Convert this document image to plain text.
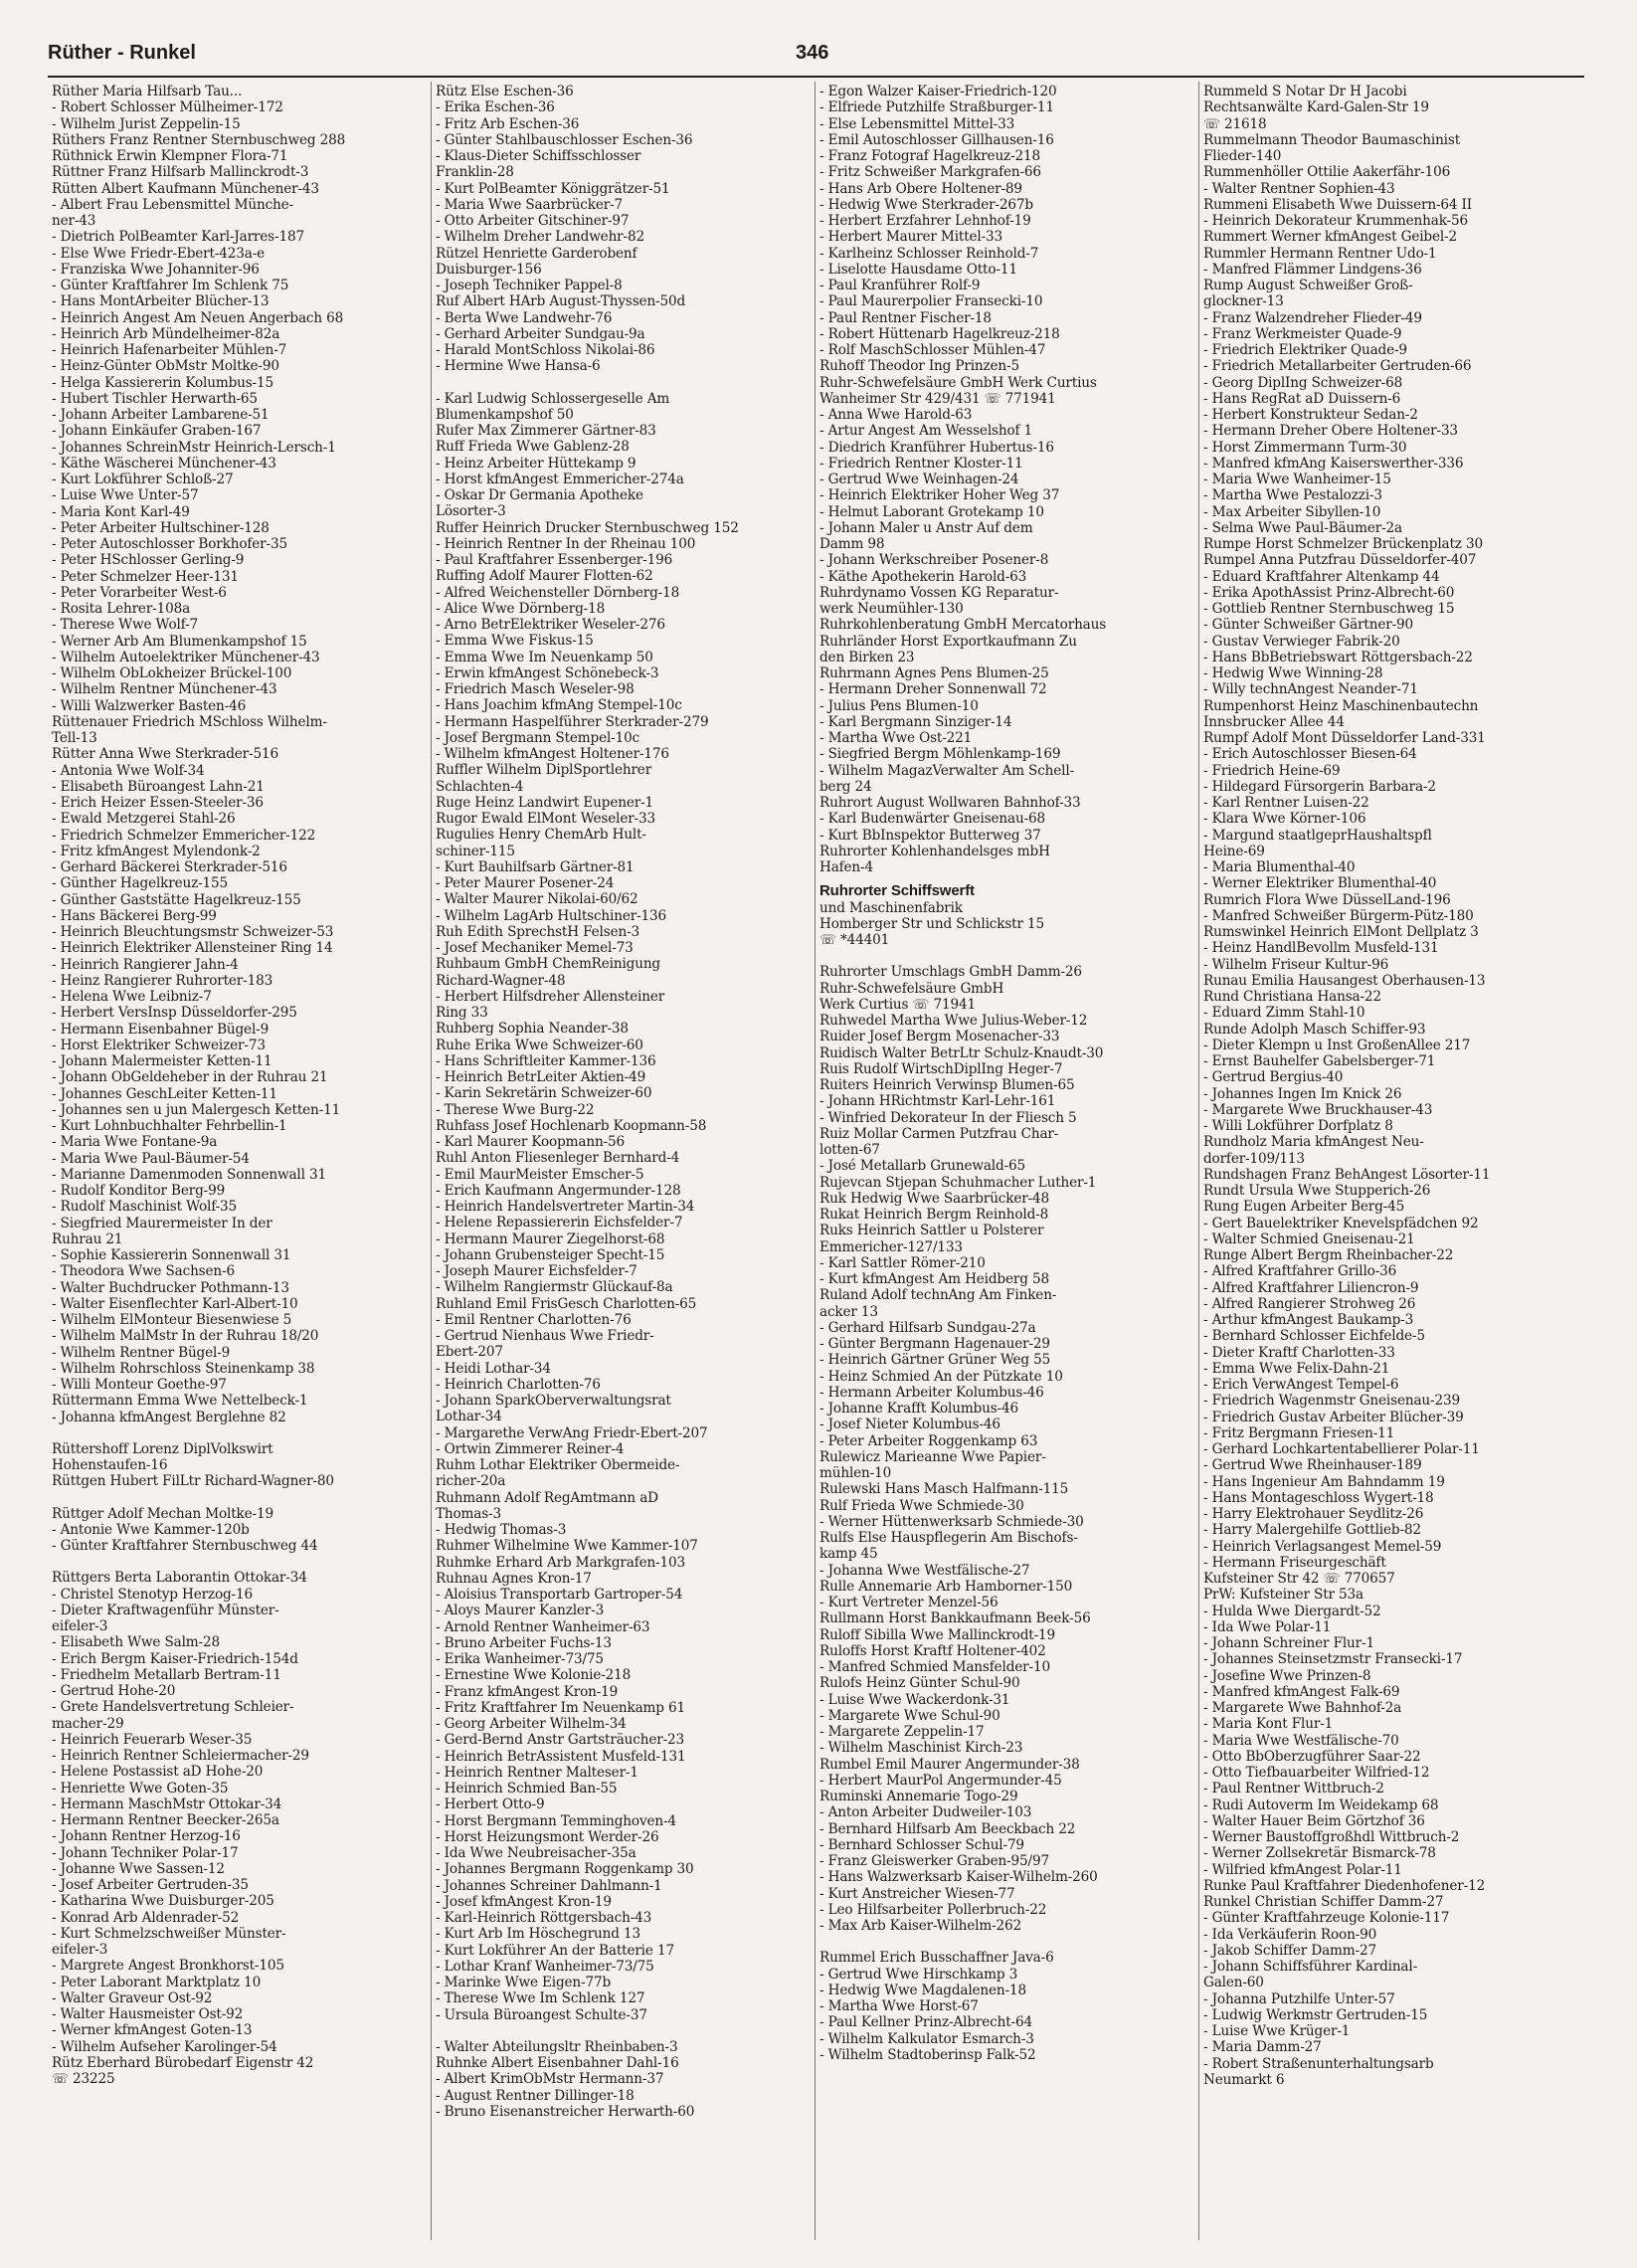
Rüther - Runkel	346
Rüther Maria Hilfsarb Tau...
- Robert Schlosser Mülheimer-172
- Wilhelm Jurist Zeppelin-15
Rüthers Franz Rentner Sternbuschweg 288
Rüthnick Erwin Klempner Flora-71
Rüttner Franz Hilfsarb Mallinckrodt-3
Rütten Albert Kaufmann Münchener-43
- Albert Frau Lebensmittel Münche-
ner-43
- Dietrich PolBeamter Karl-Jarres-187
- Else Wwe Friedr-Ebert-423a-e
- Franziska Wwe Johanniter-96
- Günter Kraftfahrer Im Schlenk 75
- Hans MontArbeiter Blücher-13
- Heinrich Angest Am Neuen Angerbach 68
- Heinrich Arb Mündelheimer-82a
- Heinrich Hafenarbeiter Mühlen-7
- Heinz-Günter ObMstr Moltke-90
- Helga Kassiererin Kolumbus-15
- Hubert Tischler Herwarth-65
- Johann Arbeiter Lambarene-51
- Johann Einkäufer Graben-167
- Johannes SchreinMstr Heinrich-Lersch-1
- Käthe Wäscherei Münchener-43
- Kurt Lokführer Schloß-27
- Luise Wwe Unter-57
- Maria Kont Karl-49
- Peter Arbeiter Hultschiner-128
- Peter Autoschlosser Borkhofer-35
- Peter HSchlosser Gerling-9
- Peter Schmelzer Heer-131
- Peter Vorarbeiter West-6
- Rosita Lehrer-108a
- Therese Wwe Wolf-7
- Werner Arb Am Blumenkampshof 15
- Wilhelm Autoelektriker Münchener-43
- Wilhelm ObLokheizer Brückel-100
- Wilhelm Rentner Münchener-43
- Willi Walzwerker Basten-46
Rüttenauer Friedrich MSchloss Wilhelm-
Tell-13
Rütter Anna Wwe Sterkrader-516
- Antonia Wwe Wolf-34
- Elisabeth Büroangest Lahn-21
- Erich Heizer Essen-Steeler-36
- Ewald Metzgerei Stahl-26
- Friedrich Schmelzer Emmericher-122
- Fritz kfmAngest Mylendonk-2
- Gerhard Bäckerei Sterkrader-516
- Günther Hagelkreuz-155
- Günther Gaststätte Hagelkreuz-155
- Hans Bäckerei Berg-99
- Heinrich Bleuchtungsmstr Schweizer-53
- Heinrich Elektriker Allensteiner Ring 14
- Heinrich Rangierer Jahn-4
- Heinz Rangierer Ruhrorter-183
- Helena Wwe Leibniz-7
- Herbert VersInsp Düsseldorfer-295
- Hermann Eisenbahner Bügel-9
- Horst Elektriker Schweizer-73
- Johann Malermeister Ketten-11
- Johann ObGeldeheber in der Ruhrau 21
- Johannes GeschLeiter Ketten-11
- Johannes sen u jun Malergesch Ketten-11
- Kurt Lohnbuchhalter Fehrbellin-1
- Maria Wwe Fontane-9a
- Maria Wwe Paul-Bäumer-54
- Marianne Damenmoden Sonnenwall 31
- Rudolf Konditor Berg-99
- Rudolf Maschinist Wolf-35
- Siegfried Maurermeister In der
Ruhrau 21
- Sophie Kassiererin Sonnenwall 31
- Theodora Wwe Sachsen-6
- Walter Buchdrucker Pothmann-13
- Walter Eisenflechter Karl-Albert-10
- Wilhelm ElMonteur Biesenwiese 5
- Wilhelm MalMstr In der Ruhrau 18/20
- Wilhelm Rentner Bügel-9
- Wilhelm Rohrschloss Steinenkamp 38
- Willi Monteur Goethe-97
Rüttermann Emma Wwe Nettelbeck-1
- Johanna kfmAngest Berglehne 82
Rüttershoff Lorenz DiplVolkswirt
Hohenstaufen-16
Rüttgen Hubert FilLtr Richard-Wagner-80
Rüttger Adolf Mechan Moltke-19
- Antonie Wwe Kammer-120b
- Günter Kraftfahrer Sternbuschweg 44
Rüttgers Berta Laborantin Ottokar-34
- Christel Stenotyp Herzog-16
- Dieter Kraftwagenführ Münster-
eifeler-3
- Elisabeth Wwe Salm-28
- Erich Bergm Kaiser-Friedrich-154d
- Friedhelm Metallarb Bertram-11
- Gertrud Hohe-20
- Grete Handelsvertretung Schleier-
macher-29
- Heinrich Feuerarb Weser-35
- Heinrich Rentner Schleiermacher-29
- Helene Postassist aD Hohe-20
- Henriette Wwe Goten-35
- Hermann MaschMstr Ottokar-34
- Hermann Rentner Beecker-265a
- Johann Rentner Herzog-16
- Johann Techniker Polar-17
- Johanne Wwe Sassen-12
- Josef Arbeiter Gertruden-35
- Katharina Wwe Duisburger-205
- Konrad Arb Aldenrader-52
- Kurt Schmelzschweißer Münster-
eifeler-3
- Margrete Angest Bronkhorst-105
- Peter Laborant Marktplatz 10
- Walter Graveur Ost-92
- Walter Hausmeister Ost-92
- Werner kfmAngest Goten-13
- Wilhelm Aufseher Karolinger-54
Rütz Eberhard Bürobedarf Eigenstr 42
☏ 23225
Rütz Else Eschen-36
- Erika Eschen-36
- Fritz Arb Eschen-36
- Günter Stahlbauschlosser Eschen-36
- Klaus-Dieter Schiffsschlosser
Franklin-28
- Kurt PolBeamter Königgrätzer-51
- Maria Wwe Saarbrücker-7
- Otto Arbeiter Gitschiner-97
- Wilhelm Dreher Landwehr-82
Rützel Henriette Garderobenf
Duisburger-156
- Joseph Techniker Pappel-8
Ruf Albert HArb August-Thyssen-50d
- Berta Wwe Landwehr-76
- Gerhard Arbeiter Sundgau-9a
- Harald MontSchloss Nikolai-86
- Hermine Wwe Hansa-6
- Karl Ludwig Schlossergeselle Am
Blumenkampshof 50
Rufer Max Zimmerer Gärtner-83
Ruff Frieda Wwe Gablenz-28
- Heinz Arbeiter Hüttekamp 9
- Horst kfmAngest Emmericher-274a
- Oskar Dr Germania Apotheke
Lösorter-3
Ruffer Heinrich Drucker Sternbuschweg 152
- Heinrich Rentner In der Rheinau 100
- Paul Kraftfahrer Essenberger-196
Ruffing Adolf Maurer Flotten-62
- Alfred Weichensteller Dörnberg-18
- Alice Wwe Dörnberg-18
- Arno BetrElektriker Weseler-276
- Emma Wwe Fiskus-15
- Emma Wwe Im Neuenkamp 50
- Erwin kfmAngest Schönebeck-3
- Friedrich Masch Weseler-98
- Hans Joachim kfmAng Stempel-10c
- Hermann Haspelführer Sterkrader-279
- Josef Bergmann Stempel-10c
- Wilhelm kfmAngest Holtener-176
Ruffler Wilhelm DiplSportlehrer
Schlachten-4
Ruge Heinz Landwirt Eupener-1
Rugor Ewald ElMont Weseler-33
Rugulies Henry ChemArb Hult-
schiner-115
- Kurt Bauhilfsarb Gärtner-81
- Peter Maurer Posener-24
- Walter Maurer Nikolai-60/62
- Wilhelm LagArb Hultschiner-136
Ruh Edith SprechstH Felsen-3
- Josef Mechaniker Memel-73
Ruhbaum GmbH ChemReinigung
Richard-Wagner-48
- Herbert Hilfsdreher Allensteiner
Ring 33
Ruhberg Sophia Neander-38
Ruhe Erika Wwe Schweizer-60
- Hans Schriftleiter Kammer-136
- Heinrich BetrLeiter Aktien-49
- Karin Sekretärin Schweizer-60
- Therese Wwe Burg-22
Ruhfass Josef Hochlenarb Koopmann-58
- Karl Maurer Koopmann-56
Ruhl Anton Fliesenleger Bernhard-4
- Emil MaurMeister Emscher-5
- Erich Kaufmann Angermunder-128
- Heinrich Handelsvertreter Martin-34
- Helene Repassiererin Eichsfelder-7
- Hermann Maurer Ziegelhorst-68
- Johann Grubensteiger Specht-15
- Joseph Maurer Eichsfelder-7
- Wilhelm Rangiermstr Glückauf-8a
Ruhland Emil FrisGesch Charlotten-65
- Emil Rentner Charlotten-76
- Gertrud Nienhaus Wwe Friedr-
Ebert-207
- Heidi Lothar-34
- Heinrich Charlotten-76
- Johann SparkOberverwaltungsrat
Lothar-34
- Margarethe VerwAng Friedr-Ebert-207
- Ortwin Zimmerer Reiner-4
Ruhm Lothar Elektriker Obermeide-
richer-20a
Ruhmann Adolf RegAmtmann aD
Thomas-3
- Hedwig Thomas-3
Ruhmer Wilhelmine Wwe Kammer-107
Ruhmke Erhard Arb Markgrafen-103
Ruhnau Agnes Kron-17
- Aloisius Transportarb Gartroper-54
- Aloys Maurer Kanzler-3
- Arnold Rentner Wanheimer-63
- Bruno Arbeiter Fuchs-13
- Erika Wanheimer-73/75
- Ernestine Wwe Kolonie-218
- Franz kfmAngest Kron-19
- Fritz Kraftfahrer Im Neuenkamp 61
- Georg Arbeiter Wilhelm-34
- Gerd-Bernd Anstr Gartsträucher-23
- Heinrich BetrAssistent Musfeld-131
- Heinrich Rentner Malteser-1
- Heinrich Schmied Ban-55
- Herbert Otto-9
- Horst Bergmann Temminghoven-4
- Horst Heizungsmont Werder-26
- Ida Wwe Neubreisacher-35a
- Johannes Bergmann Roggenkamp 30
- Johannes Schreiner Dahlmann-1
- Josef kfmAngest Kron-19
- Karl-Heinrich Röttgersbach-43
- Kurt Arb Im Höschegrund 13
- Kurt Lokführer An der Batterie 17
- Lothar Kranf Wanheimer-73/75
- Marinke Wwe Eigen-77b
- Therese Wwe Im Schlenk 127
- Ursula Büroangest Schulte-37
- Walter Abteilungsltr Rheinbaben-3
Ruhnke Albert Eisenbahner Dahl-16
- Albert KrimObMstr Hermann-37
- August Rentner Dillinger-18
- Bruno Eisenanstreicher Herwarth-60
- Egon Walzer Kaiser-Friedrich-120
- Elfriede Putzhilfe Straßburger-11
- Else Lebensmittel Mittel-33
- Emil Autoschlosser Gillhausen-16
- Franz Fotograf Hagelkreuz-218
- Fritz Schweißer Markgrafen-66
- Hans Arb Obere Holtener-89
- Hedwig Wwe Sterkrader-267b
- Herbert Erzfahrer Lehnhof-19
- Herbert Maurer Mittel-33
- Karlheinz Schlosser Reinhold-7
- Liselotte Hausdame Otto-11
- Paul Kranführer Rolf-9
- Paul Maurerpolier Fransecki-10
- Paul Rentner Fischer-18
- Robert Hüttenarb Hagelkreuz-218
- Rolf MaschSchlosser Mühlen-47
Ruhoff Theodor Ing Prinzen-5
Ruhr-Schwefelsäure GmbH Werk Curtius
Wanheimer Str 429/431 ☏ 771941
- Anna Wwe Harold-63
- Artur Angest Am Wesselshof 1
- Diedrich Kranführer Hubertus-16
- Friedrich Rentner Kloster-11
- Gertrud Wwe Weinhagen-24
- Heinrich Elektriker Hoher Weg 37
- Helmut Laborant Grotekamp 10
- Johann Maler u Anstr Auf dem
Damm 98
- Johann Werkschreiber Posener-8
- Käthe Apothekerin Harold-63
Ruhrdynamo Vossen KG Reparatur-
werk Neumühler-130
Ruhrkohlenberatung GmbH Mercatorhaus
Ruhrländer Horst Exportkaufmann Zu
den Birken 23
Ruhrmann Agnes Pens Blumen-25
- Hermann Dreher Sonnenwall 72
- Julius Pens Blumen-10
- Karl Bergmann Sinziger-14
- Martha Wwe Ost-221
- Siegfried Bergm Möhlenkamp-169
- Wilhelm MagazVerwalter Am Schell-
berg 24
Ruhrort August Wollwaren Bahnhof-33
- Karl Budenwärter Gneisenau-68
- Kurt BbInspektor Butterweg 37
Ruhrorter Kohlenhandelsges mbH
Hafen-4
Ruhrorter Schiffswerft
und Maschinenfabrik
Homberger Str und Schlickstr 15
☏ *44401
Ruhrorter Umschlags GmbH Damm-26
Ruhr-Schwefelsäure GmbH
Werk Curtius ☏ 71941
Ruhwedel Martha Wwe Julius-Weber-12
Ruider Josef Bergm Mosenacher-33
Ruidisch Walter BetrLtr Schulz-Knaudt-30
Ruis Rudolf WirtschDiplIng Heger-7
Ruiters Heinrich Verwinsp Blumen-65
- Johann HRichtmstr Karl-Lehr-161
- Winfried Dekorateur In der Fliesch 5
Ruiz Mollar Carmen Putzfrau Char-
lotten-67
- José Metallarb Grunewald-65
Rujevcan Stjepan Schuhmacher Luther-1
Ruk Hedwig Wwe Saarbrücker-48
Rukat Heinrich Bergm Reinhold-8
Ruks Heinrich Sattler u Polsterer
Emmericher-127/133
- Karl Sattler Römer-210
- Kurt kfmAngest Am Heidberg 58
Ruland Adolf technAng Am Finken-
acker 13
- Gerhard Hilfsarb Sundgau-27a
- Günter Bergmann Hagenauer-29
- Heinrich Gärtner Grüner Weg 55
- Heinz Schmied An der Pützkate 10
- Hermann Arbeiter Kolumbus-46
- Johanne Krafft Kolumbus-46
- Josef Nieter Kolumbus-46
- Peter Arbeiter Roggenkamp 63
Rulewicz Marieanne Wwe Papier-
mühlen-10
Rulewski Hans Masch Halfmann-115
Rulf Frieda Wwe Schmiede-30
- Werner Hüttenwerksarb Schmiede-30
Rulfs Else Hauspflegerin Am Bischofs-
kamp 45
- Johanna Wwe Westfälische-27
Rulle Annemarie Arb Hamborner-150
- Kurt Vertreter Menzel-56
Rullmann Horst Bankkaufmann Beek-56
Ruloff Sibilla Wwe Mallinckrodt-19
Ruloffs Horst Kraftf Holtener-402
- Manfred Schmied Mansfelder-10
Rulofs Heinz Günter Schul-90
- Luise Wwe Wackerdonk-31
- Margarete Wwe Schul-90
- Margarete Zeppelin-17
- Wilhelm Maschinist Kirch-23
Rumbel Emil Maurer Angermunder-38
- Herbert MaurPol Angermunder-45
Ruminski Annemarie Togo-29
- Anton Arbeiter Dudweiler-103
- Bernhard Hilfsarb Am Beeckbach 22
- Bernhard Schlosser Schul-79
- Franz Gleiswerker Graben-95/97
- Hans Walzwerksarb Kaiser-Wilhelm-260
- Kurt Anstreicher Wiesen-77
- Leo Hilfsarbeiter Pollerbruch-22
- Max Arb Kaiser-Wilhelm-262
Rummel Erich Busschaffner Java-6
- Gertrud Wwe Hirschkamp 3
- Hedwig Wwe Magdalenen-18
- Martha Wwe Horst-67
- Paul Kellner Prinz-Albrecht-64
- Wilhelm Kalkulator Esmarch-3
- Wilhelm Stadtoberinsp Falk-52
Rummeld S Notar Dr H Jacobi
Rechtsanwälte Kard-Galen-Str 19
☏ 21618
Rummelmann Theodor Baumaschinist
Flieder-140
Rummenhöller Ottilie Aakerfähr-106
- Walter Rentner Sophien-43
Rummeni Elisabeth Wwe Duissern-64 II
- Heinrich Dekorateur Krummenhak-56
Rummert Werner kfmAngest Geibel-2
Rummler Hermann Rentner Udo-1
- Manfred Flämmer Lindgens-36
Rump August Schweißer Groß-
glockner-13
- Franz Walzendreher Flieder-49
- Franz Werkmeister Quade-9
- Friedrich Elektriker Quade-9
- Friedrich Metallarbeiter Gertruden-66
- Georg DiplIng Schweizer-68
- Hans RegRat aD Duissern-6
- Herbert Konstrukteur Sedan-2
- Hermann Dreher Obere Holtener-33
- Horst Zimmermann Turm-30
- Manfred kfmAng Kaiserswerther-336
- Maria Wwe Wanheimer-15
- Martha Wwe Pestalozzi-3
- Max Arbeiter Sibyllen-10
- Selma Wwe Paul-Bäumer-2a
Rumpe Horst Schmelzer Brückenplatz 30
Rumpel Anna Putzfrau Düsseldorfer-407
- Eduard Kraftfahrer Altenkamp 44
- Erika ApothAssist Prinz-Albrecht-60
- Gottlieb Rentner Sternbuschweg 15
- Günter Schweißer Gärtner-90
- Gustav Verwieger Fabrik-20
- Hans BbBetriebswart Röttgersbach-22
- Hedwig Wwe Winning-28
- Willy technAngest Neander-71
Rumpenhorst Heinz Maschinenbautechn
Innsbrucker Allee 44
Rumpf Adolf Mont Düsseldorfer Land-331
- Erich Autoschlosser Biesen-64
- Friedrich Heine-69
- Hildegard Fürsorgerin Barbara-2
- Karl Rentner Luisen-22
- Klara Wwe Körner-106
- Margund staatlgeprHaushaltspfl
Heine-69
- Maria Blumenthal-40
- Werner Elektriker Blumenthal-40
Rumrich Flora Wwe DüsselLand-196
- Manfred Schweißer Bürgerm-Pütz-180
Rumswinkel Heinrich ElMont Dellplatz 3
- Heinz HandlBevollm Musfeld-131
- Wilhelm Friseur Kultur-96
Runau Emilia Hausangest Oberhausen-13
Rund Christiana Hansa-22
- Eduard Zimm Stahl-10
Runde Adolph Masch Schiffer-93
- Dieter Klempn u Inst GroßenAllee 217
- Ernst Bauhelfer Gabelsberger-71
- Gertrud Bergius-40
- Johannes Ingen Im Knick 26
- Margarete Wwe Bruckhauser-43
- Willi Lokführer Dorfplatz 8
Rundholz Maria kfmAngest Neu-
dorfer-109/113
Rundshagen Franz BehAngest Lösorter-11
Rundt Ursula Wwe Stupperich-26
Rung Eugen Arbeiter Berg-45
- Gert Bauelektriker Knevelspfädchen 92
- Walter Schmied Gneisenau-21
Runge Albert Bergm Rheinbacher-22
- Alfred Kraftfahrer Grillo-36
- Alfred Kraftfahrer Liliencron-9
- Alfred Rangierer Strohweg 26
- Arthur kfmAngest Baukamp-3
- Bernhard Schlosser Eichfelde-5
- Dieter Kraftf Charlotten-33
- Emma Wwe Felix-Dahn-21
- Erich VerwAngest Tempel-6
- Friedrich Wagenmstr Gneisenau-239
- Friedrich Gustav Arbeiter Blücher-39
- Fritz Bergmann Friesen-11
- Gerhard Lochkartentabellierer Polar-11
- Gertrud Wwe Rheinhauser-189
- Hans Ingenieur Am Bahndamm 19
- Hans Montageschloss Wygert-18
- Harry Elektrohauer Seydlitz-26
- Harry Malergehilfe Gottlieb-82
- Heinrich Verlagsangest Memel-59
- Hermann Friseurgeschäft
Kufsteiner Str 42 ☏ 770657
PrW: Kufsteiner Str 53a
- Hulda Wwe Diergardt-52
- Ida Wwe Polar-11
- Johann Schreiner Flur-1
- Johannes Steinsetzmstr Fransecki-17
- Josefine Wwe Prinzen-8
- Manfred kfmAngest Falk-69
- Margarete Wwe Bahnhof-2a
- Maria Kont Flur-1
- Maria Wwe Westfälische-70
- Otto BbOberzugführer Saar-22
- Otto Tiefbauarbeiter Wilfried-12
- Paul Rentner Wittbruch-2
- Rudi Autoverm Im Weidekamp 68
- Walter Hauer Beim Görtzhof 36
- Werner Baustoffgroßhdl Wittbruch-2
- Werner Zollsekretär Bismarck-78
- Wilfried kfmAngest Polar-11
Runke Paul Kraftfahrer Diedenhofener-12
Runkel Christian Schiffer Damm-27
- Günter Kraftfahrzeuge Kolonie-117
- Ida Verkäuferin Roon-90
- Jakob Schiffer Damm-27
- Johann Schiffsführer Kardinal-
Galen-60
- Johanna Putzhilfe Unter-57
- Ludwig Werkmstr Gertruden-15
- Luise Wwe Krüger-1
- Maria Damm-27
- Robert Straßenunterhaltungsarb
Neumarkt 6
